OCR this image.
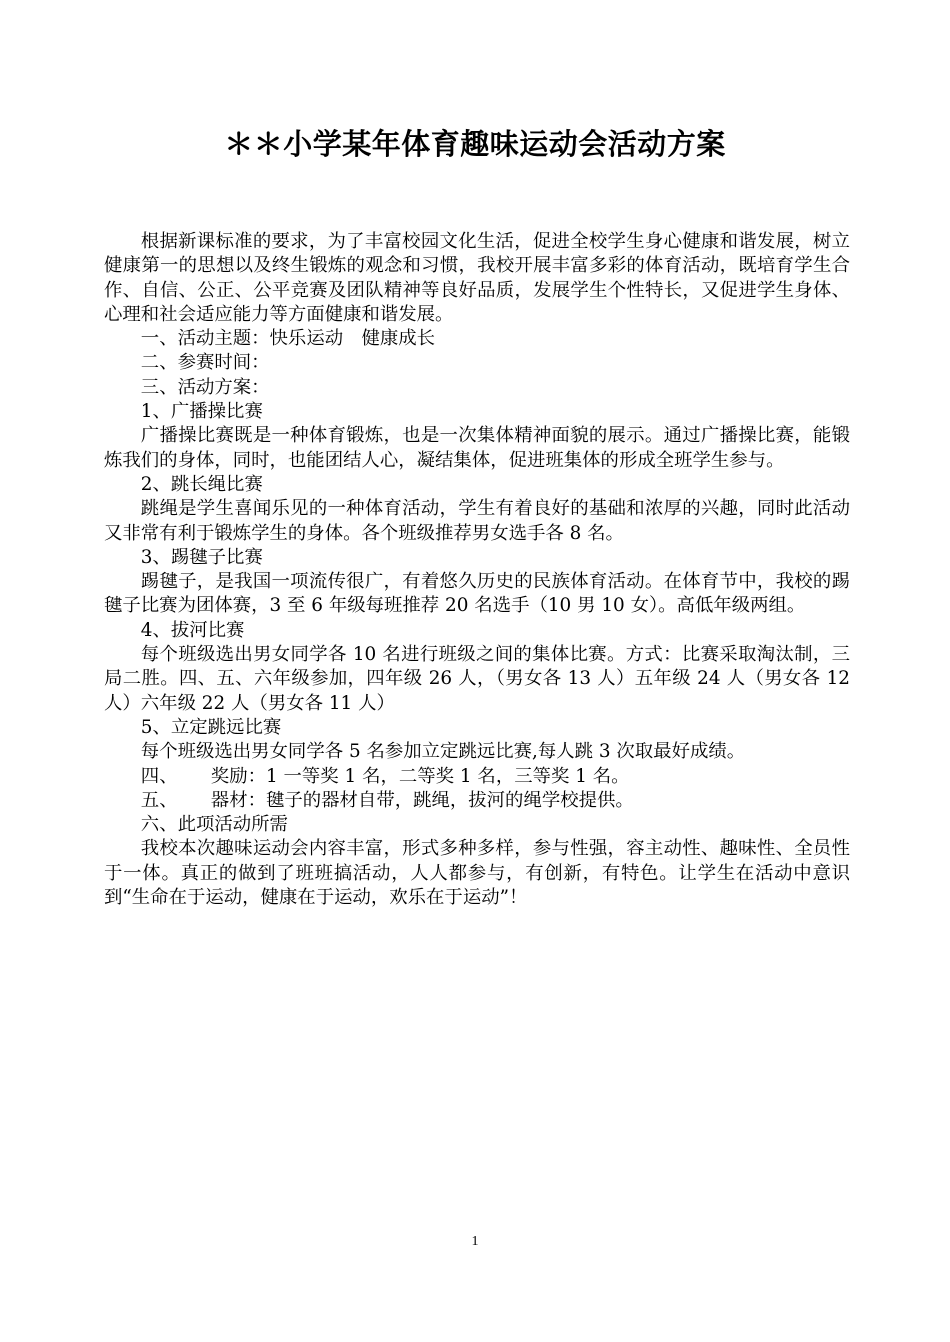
＊＊小学某年体育趣味运动会活动方案

根据新课标准的要求，为了丰富校园文化生活，促进全校学生身心健康和谐发展，树立健康第一的思想以及终生锻炼的观念和习惯，我校开展丰富多彩的体育活动，既培育学生合作、自信、公正、公平竞赛及团队精神等良好品质，发展学生个性特长，又促进学生身体、心理和社会适应能力等方面健康和谐发展。

一、活动主题：快乐运动　健康成长

二、参赛时间：

三、活动方案：

1、广播操比赛

广播操比赛既是一种体育锻炼，也是一次集体精神面貌的展示。通过广播操比赛，能锻炼我们的身体，同时，也能团结人心，凝结集体，促进班集体的形成全班学生参与。

2、跳长绳比赛

跳绳是学生喜闻乐见的一种体育活动，学生有着良好的基础和浓厚的兴趣，同时此活动又非常有利于锻炼学生的身体。各个班级推荐男女选手各 8 名。

3、踢毽子比赛

踢毽子，是我国一项流传很广，有着悠久历史的民族体育活动。在体育节中，我校的踢毽子比赛为团体赛，3 至 6 年级每班推荐 20 名选手（10 男 10 女）。高低年级两组。

4、拔河比赛

每个班级选出男女同学各 10 名进行班级之间的集体比赛。方式：比赛采取淘汰制，三局二胜。四、五、六年级参加，四年级 26 人，（男女各 13 人）五年级 24 人（男女各 12 人）六年级 22 人（男女各 11 人）

5、立定跳远比赛

每个班级选出男女同学各 5 名参加立定跳远比赛,每人跳 3 次取最好成绩。

四、 奖励：1 一等奖 1 名，二等奖 1 名，三等奖 1 名。

五、 器材：毽子的器材自带，跳绳，拔河的绳学校提供。

六、此项活动所需

我校本次趣味运动会内容丰富，形式多种多样，参与性强，容主动性、趣味性、全员性于一体。真正的做到了班班搞活动，人人都参与，有创新，有特色。让学生在活动中意识到“生命在于运动，健康在于运动，欢乐在于运动”！

1
